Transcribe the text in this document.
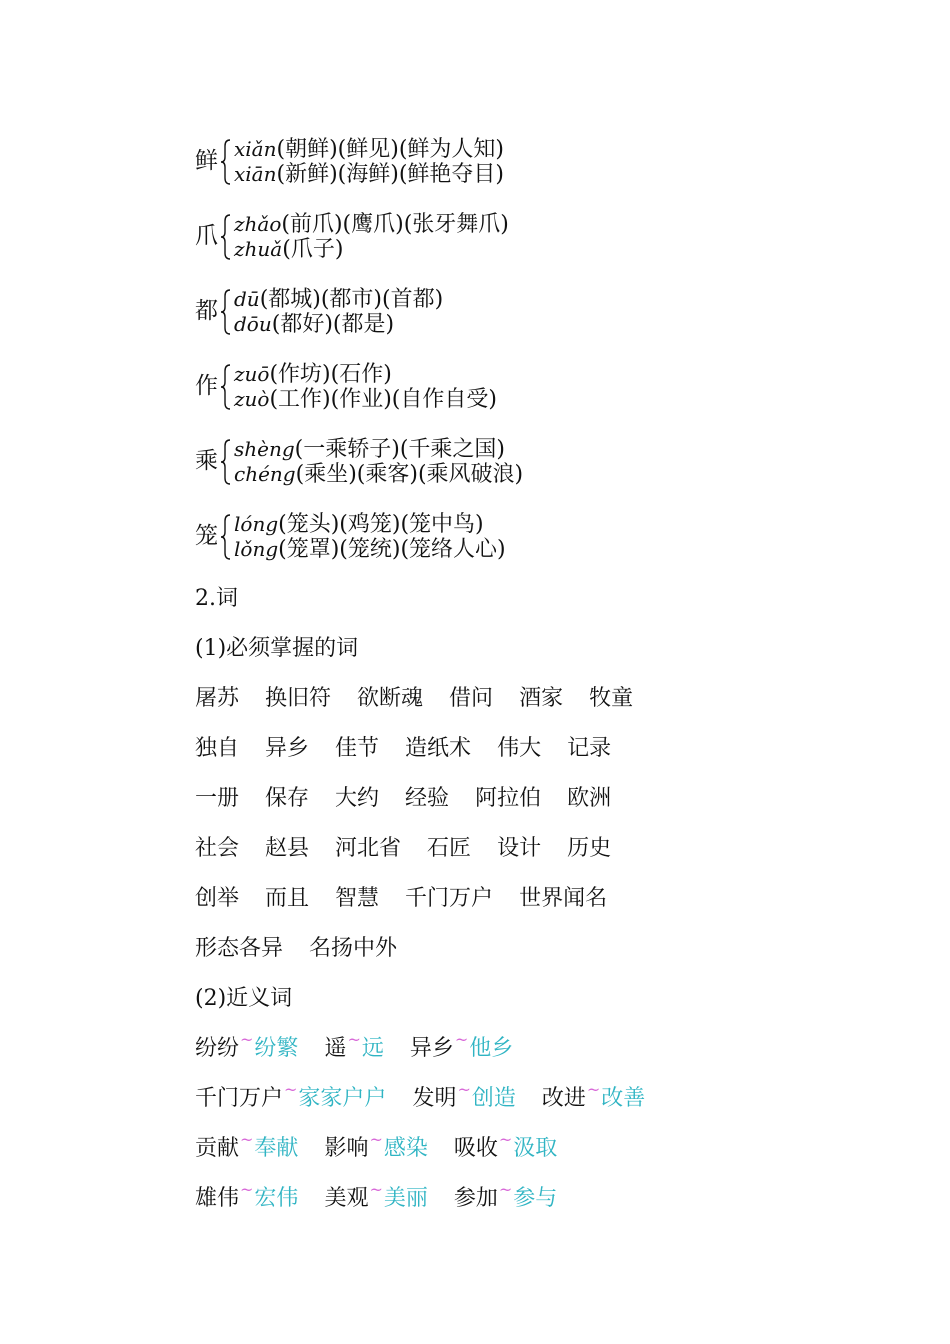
鲜 xiǎn(朝鲜)(鲜见)(鲜为人知)
xiān(新鲜)(海鲜)(鲜艳夺目)
爪 zhǎo(前爪)(鹰爪)(张牙舞爪)
zhuǎ(爪子)
都 dū(都城)(都市)(首都)
dōu(都好)(都是)
作 zuō(作坊)(石作)
zuò(工作)(作业)(自作自受)
乘 shèng(一乘轿子)(千乘之国)
chéng(乘坐)(乘客)(乘风破浪)
笼 lóng(笼头)(鸡笼)(笼中鸟)
lǒng(笼罩)(笼统)(笼络人心)
2.词
(1)必须掌握的词
屠苏 换旧符 欲断魂 借问 酒家 牧童
独自 异乡 佳节 造纸术 伟大 记录
一册 保存 大约 经验 阿拉伯 欧洲
社会 赵县 河北省 石匠 设计 历史
创举 而且 智慧 千门万户 世界闻名
形态各异 名扬中外
(2)近义词
纷纷~纷繁 遥~远 异乡~他乡
千门万户~家家户户 发明~创造 改进~改善
贡献~奉献 影响~感染 吸收~汲取
雄伟~宏伟 美观~美丽 参加~参与
